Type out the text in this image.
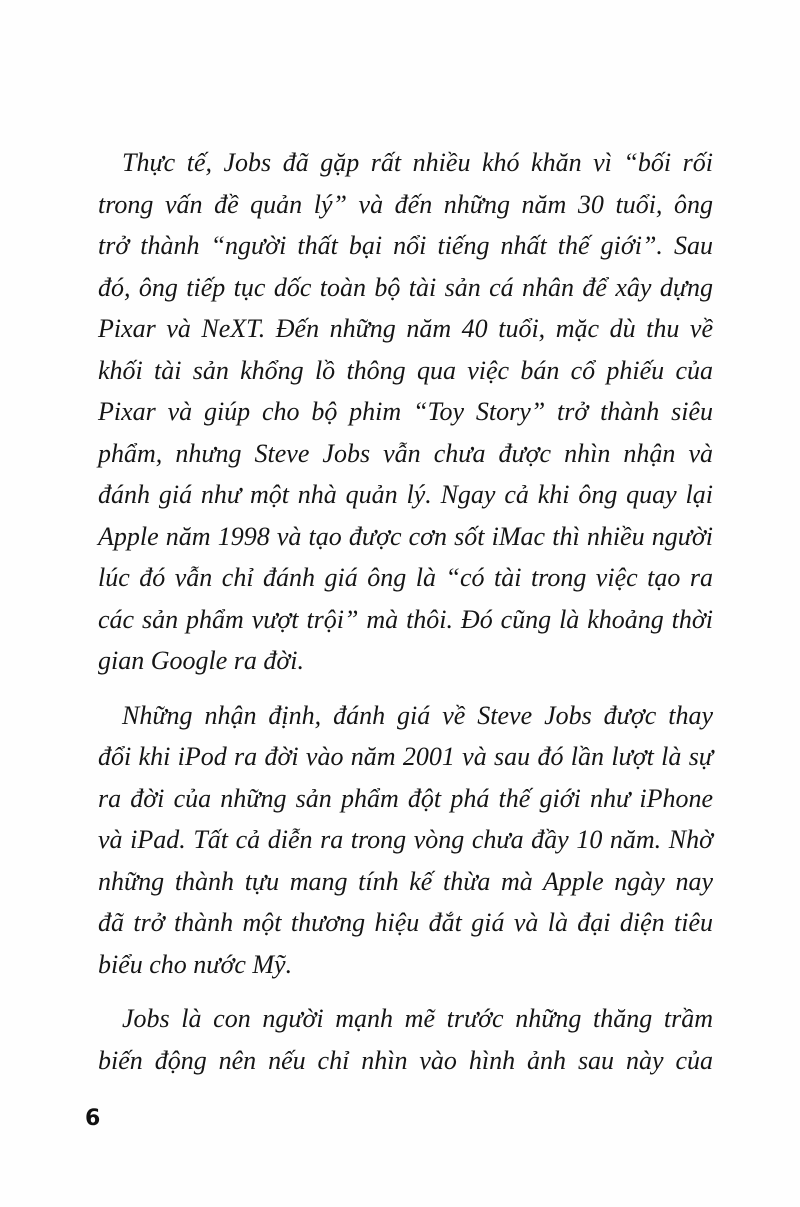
Thực tế, Jobs đã gặp rất nhiều khó khăn vì “bối rối
trong vấn đề quản lý” và đến những năm 30 tuổi, ông
trở thành “người thất bại nổi tiếng nhất thế giới”. Sau
đó, ông tiếp tục dốc toàn bộ tài sản cá nhân để xây dựng
Pixar và NeXT. Đến những năm 40 tuổi, mặc dù thu về
khối tài sản khổng lồ thông qua việc bán cổ phiếu của
Pixar và giúp cho bộ phim “Toy Story” trở thành siêu
phẩm, nhưng Steve Jobs vẫn chưa được nhìn nhận và
đánh giá như một nhà quản lý. Ngay cả khi ông quay lại
Apple năm 1998 và tạo được cơn sốt iMac thì nhiều người
lúc đó vẫn chỉ đánh giá ông là “có tài trong việc tạo ra
các sản phẩm vượt trội” mà thôi. Đó cũng là khoảng thời
gian Google ra đời.
Những nhận định, đánh giá về Steve Jobs được thay
đổi khi iPod ra đời vào năm 2001 và sau đó lần lượt là sự
ra đời của những sản phẩm đột phá thế giới như iPhone
và iPad. Tất cả diễn ra trong vòng chưa đầy 10 năm. Nhờ
những thành tựu mang tính kế thừa mà Apple ngày nay
đã trở thành một thương hiệu đắt giá và là đại diện tiêu
biểu cho nước Mỹ.
Jobs là con người mạnh mẽ trước những thăng trầm
biến động nên nếu chỉ nhìn vào hình ảnh sau này của
6
